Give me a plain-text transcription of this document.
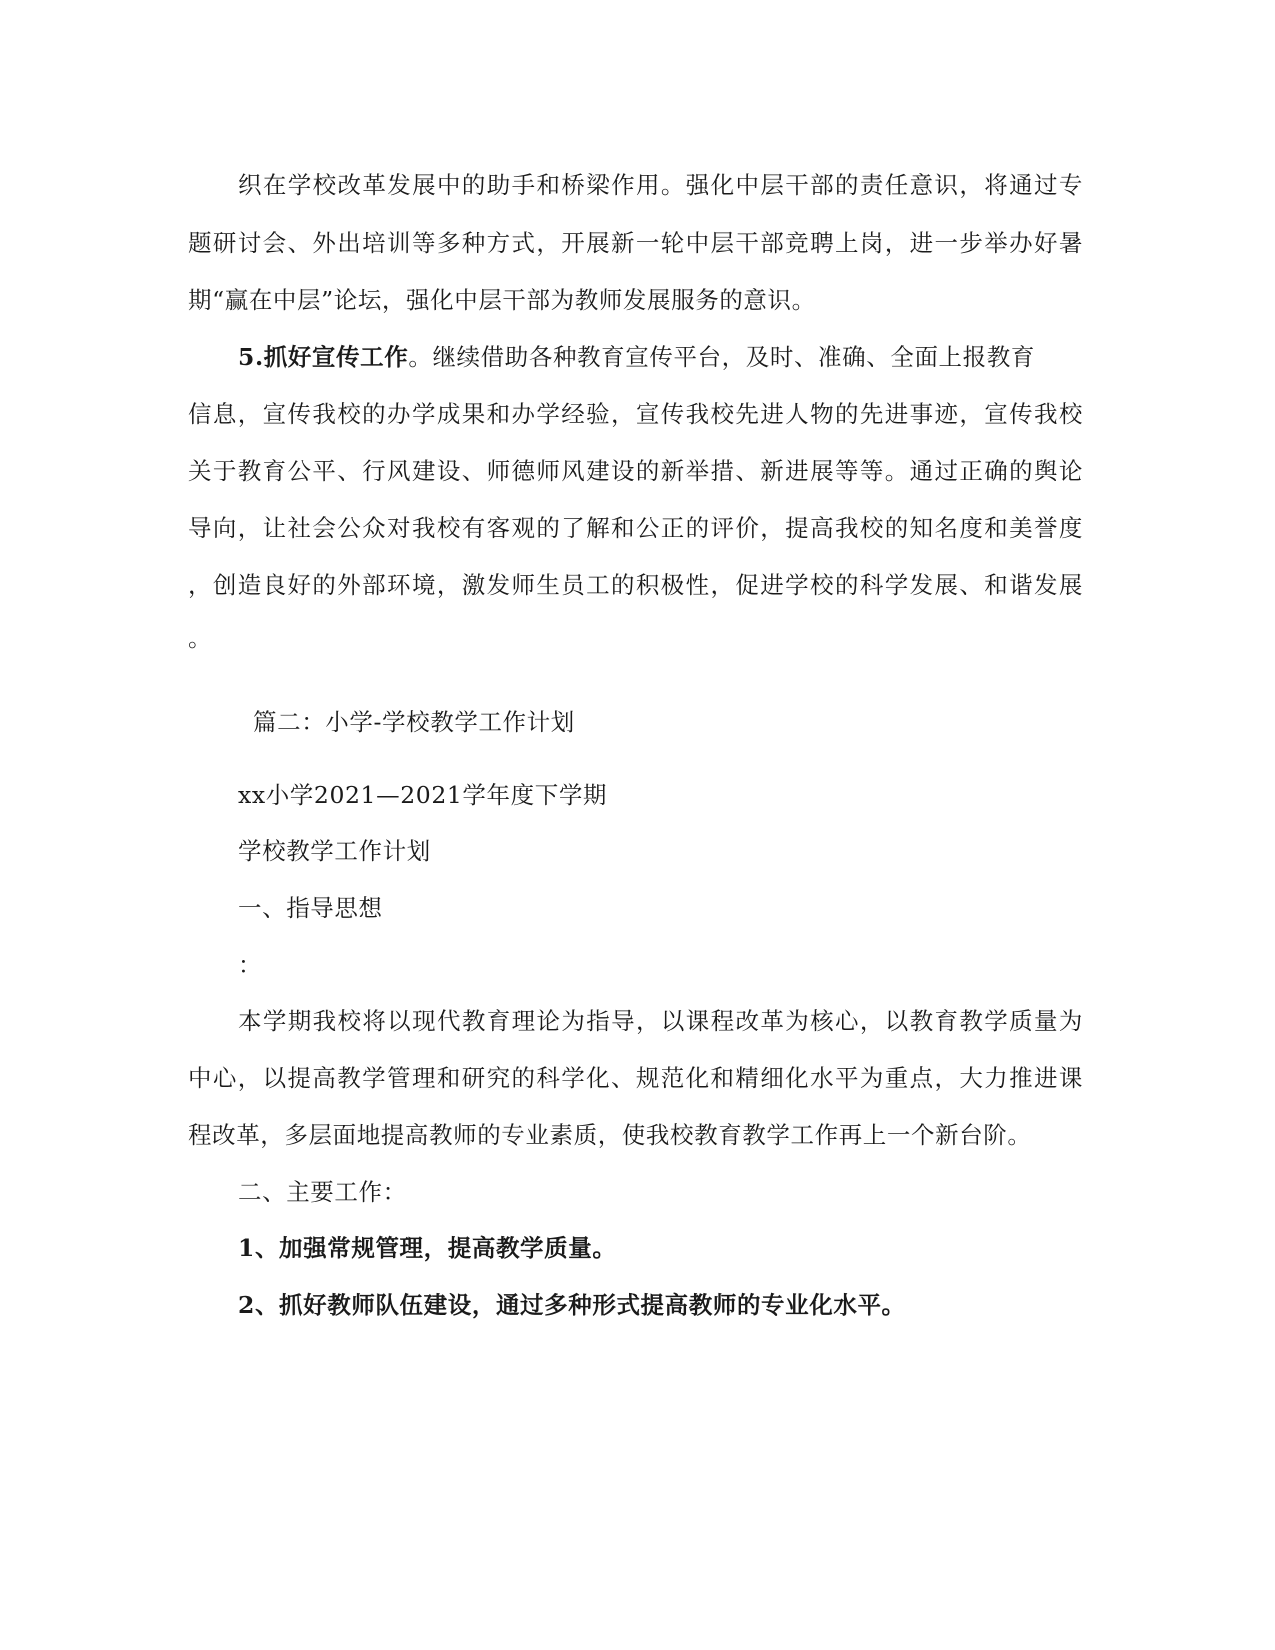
织在学校改革发展中的助手和桥梁作用。强化中层干部的责任意识，将通过专
题研讨会、外出培训等多种方式，开展新一轮中层干部竞聘上岗，进一步举办好暑
期“赢在中层”论坛，强化中层干部为教师发展服务的意识。
5.抓好宣传工作。继续借助各种教育宣传平台，及时、准确、全面上报教育
信息，宣传我校的办学成果和办学经验，宣传我校先进人物的先进事迹，宣传我校
关于教育公平、行风建设、师德师风建设的新举措、新进展等等。通过正确的舆论
导向，让社会公众对我校有客观的了解和公正的评价，提高我校的知名度和美誉度
，创造良好的外部环境，激发师生员工的积极性，促进学校的科学发展、和谐发展
。
篇二：小学-学校教学工作计划
xx小学2021—2021学年度下学期
学校教学工作计划
一、指导思想
：
本学期我校将以现代教育理论为指导，以课程改革为核心，以教育教学质量为
中心，以提高教学管理和研究的科学化、规范化和精细化水平为重点，大力推进课
程改革，多层面地提高教师的专业素质，使我校教育教学工作再上一个新台阶。
二、主要工作：
1、加强常规管理，提高教学质量。
2、抓好教师队伍建设，通过多种形式提高教师的专业化水平。
